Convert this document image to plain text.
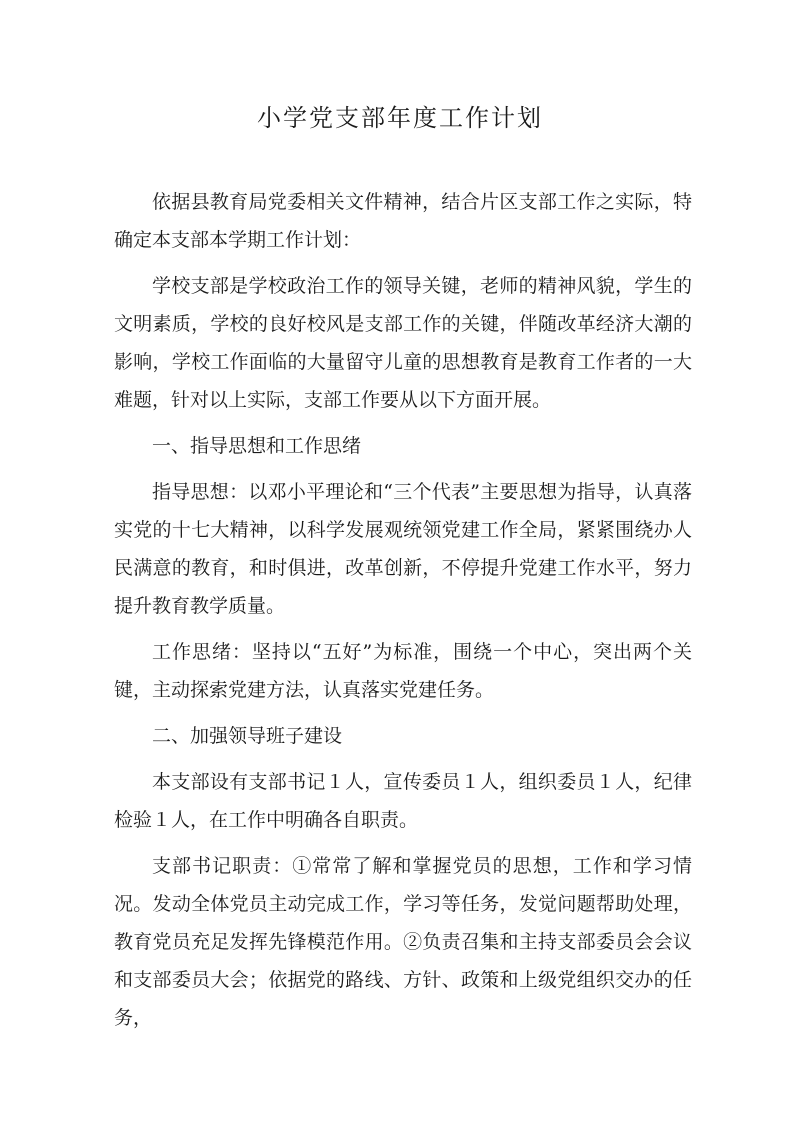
小学党支部年度工作计划

依据县教育局党委相关文件精神，结合片区支部工作之实际，特确定本支部本学期工作计划：

学校支部是学校政治工作的领导关键，老师的精神风貌，学生的文明素质，学校的良好校风是支部工作的关键，伴随改革经济大潮的影响，学校工作面临的大量留守儿童的思想教育是教育工作者的一大难题，针对以上实际，支部工作要从以下方面开展。

一、指导思想和工作思绪

指导思想：以邓小平理论和“三个代表”主要思想为指导，认真落实党的十七大精神，以科学发展观统领党建工作全局，紧紧围绕办人民满意的教育，和时俱进，改革创新，不停提升党建工作水平，努力提升教育教学质量。

工作思绪：坚持以“五好”为标准，围绕一个中心，突出两个关键，主动探索党建方法，认真落实党建任务。

二、加强领导班子建设

本支部设有支部书记１人，宣传委员１人，组织委员１人，纪律检验１人，在工作中明确各自职责。

支部书记职责：①常常了解和掌握党员的思想，工作和学习情况。发动全体党员主动完成工作，学习等任务，发觉问题帮助处理，教育党员充足发挥先锋模范作用。②负责召集和主持支部委员会会议和支部委员大会；依据党的路线、方针、政策和上级党组织交办的任务，
